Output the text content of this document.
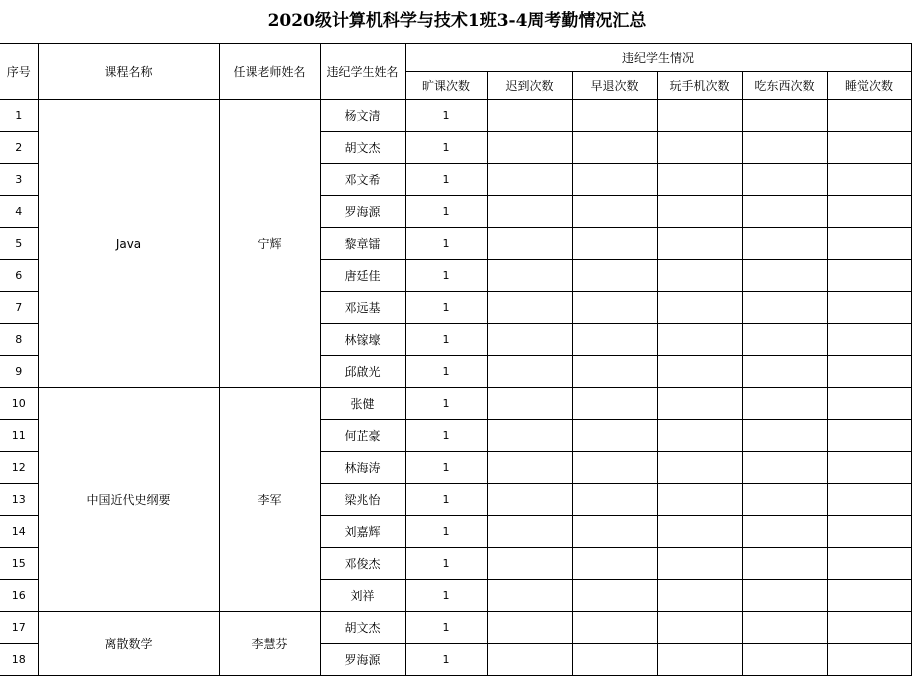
2020级计算机科学与技术1班3-4周考勤情况汇总
序号	课程名称	任课老师姓名	违纪学生姓名	违纪学生情况					
				旷课次数	迟到次数	早退次数	玩手机次数	吃东西次数	睡觉次数
1	Java	宁辉	杨文清	1					
2			胡文杰	1					
3			邓文希	1					
4			罗海源	1					
5			黎章镭	1					
6			唐廷佳	1					
7			邓远基	1					
8			林镓壕	1					
9			邱啟光	1					
10	中国近代史纲要	李军	张健	1					
11			何芷豪	1					
12			林海涛	1					
13			梁兆怡	1					
14			刘嘉辉	1					
15			邓俊杰	1					
16			刘祥	1					
17	离散数学	李慧芬	胡文杰	1					
18			罗海源	1					
